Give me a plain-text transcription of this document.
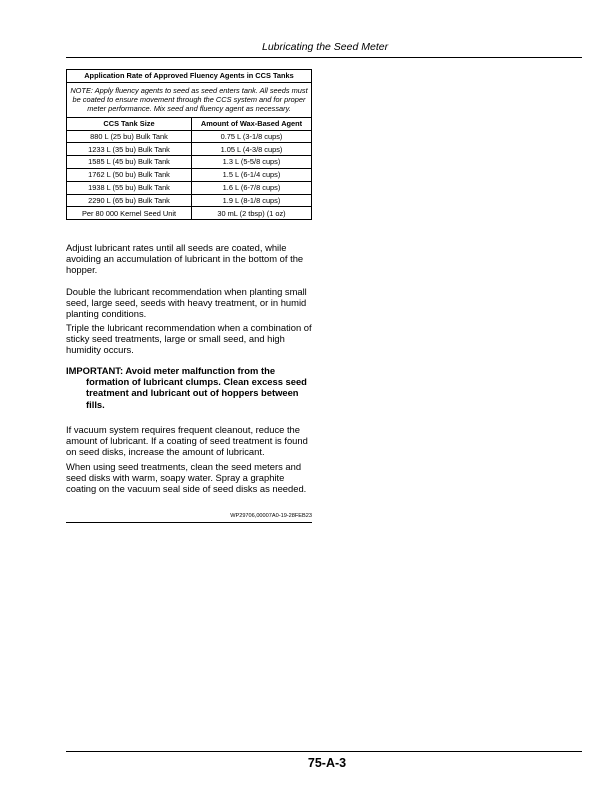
Lubricating the Seed Meter
Application Rate of Approved Fluency Agents in CCS Tanks	
NOTE: Apply fluency agents to seed as seed enters tank. All seeds must be coated to ensure movement through the CCS system and for proper meter performance. Mix seed and fluency agent as necessary.	
CCS Tank Size	Amount of Wax-Based Agent
880 L (25 bu) Bulk Tank	0.75 L (3-1/8 cups)
1233 L (35 bu) Bulk Tank	1.05 L (4-3/8 cups)
1585 L (45 bu) Bulk Tank	1.3 L (5-5/8 cups)
1762 L (50 bu) Bulk Tank	1.5 L (6-1/4 cups)
1938 L (55 bu) Bulk Tank	1.6 L (6-7/8 cups)
2290 L (65 bu) Bulk Tank	1.9 L (8-1/8 cups)
Per 80 000 Kernel Seed Unit	30 mL (2 tbsp) (1 oz)

Adjust lubricant rates until all seeds are coated, while avoiding an accumulation of lubricant in the bottom of the hopper.

Double the lubricant recommendation when planting small seed, large seed, seeds with heavy treatment, or in humid planting conditions.

Triple the lubricant recommendation when a combination of sticky seed treatments, large or small seed, and high humidity occurs.

IMPORTANT: Avoid meter malfunction from the
formation of lubricant clumps. Clean excess seed treatment and lubricant out of hoppers between fills.

If vacuum system requires frequent cleanout, reduce the amount of lubricant. If a coating of seed treatment is found on seed disks, increase the amount of lubricant.

When using seed treatments, clean the seed meters and seed disks with warm, soapy water. Spray a graphite coating on the vacuum seal side of seed disks as needed.

WP29706,00007A0-19-28FEB23
75-A-3
